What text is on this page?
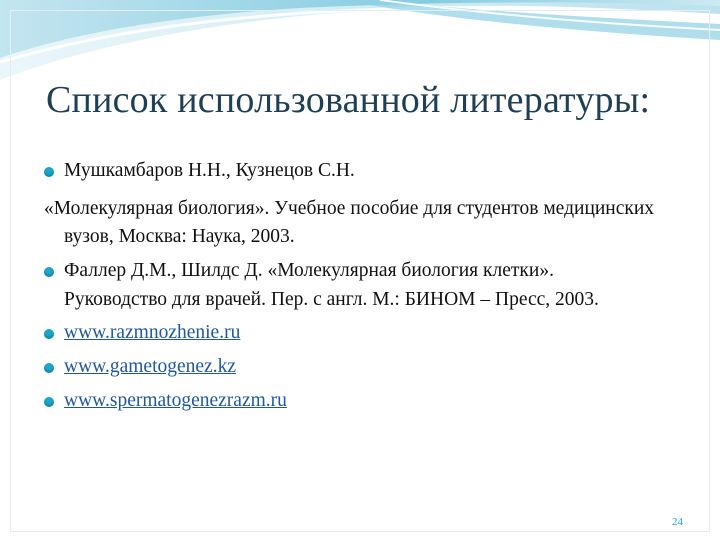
Список использованной литературы:
Мушкамбаров Н.Н., Кузнецов С.Н.
«Молекулярная биология». Учебное пособие для студентов медицинских
вузов, Москва: Наука, 2003.
Фаллер Д.М., Шилдс Д. «Молекулярная биология клетки».
Руководство для врачей. Пер. с англ. М.: БИНОМ – Пресс, 2003.
www.razmnozhenie.ru
www.gametogenez.kz
www.spermatogenezrazm.ru
24
